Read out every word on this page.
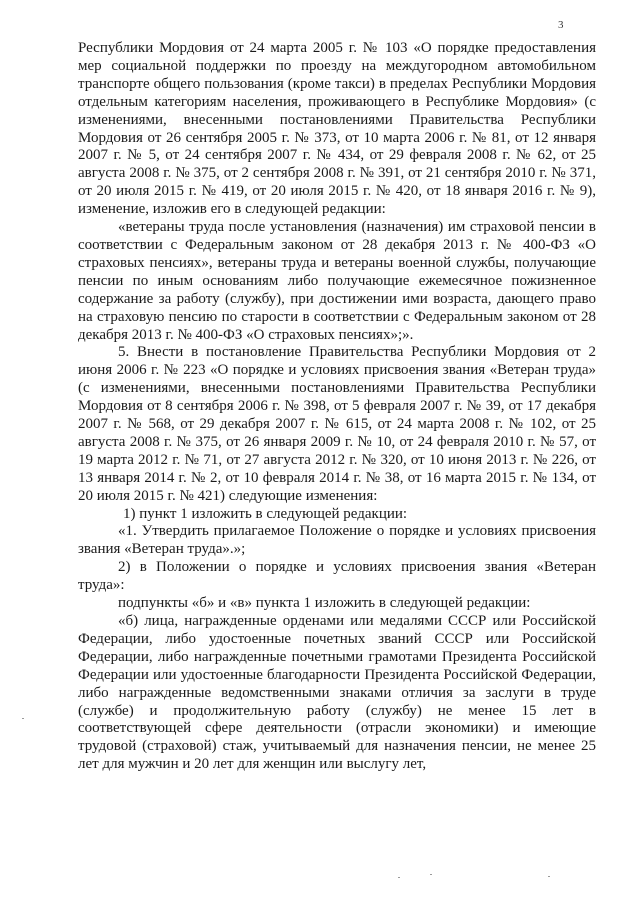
3

Республики Мордовия от 24 марта 2005 г. № 103 «О порядке предоставления мер социальной поддержки по проезду на междугородном автомобильном транспорте общего пользования (кроме такси) в пределах Республики Мордовия отдельным категориям населения, проживающего в Республике Мордовия» (с изменениями, внесенными постановлениями Правительства Республики Мордовия от 26 сентября 2005 г. № 373, от 10 марта 2006 г. № 81, от 12 января 2007 г. № 5, от 24 сентября 2007 г. № 434, от 29 февраля 2008 г. № 62, от 25 августа 2008 г. № 375, от 2 сентября 2008 г. № 391, от 21 сентября 2010 г. № 371, от 20 июля 2015 г. № 419, от 20 июля 2015 г. № 420, от 18 января 2016 г. № 9), изменение, изложив его в следующей редакции:

«ветераны труда после установления (назначения) им страховой пенсии в соответствии с Федеральным законом от 28 декабря 2013 г. № 400-ФЗ «О страховых пенсиях», ветераны труда и ветераны военной службы, получающие пенсии по иным основаниям либо получающие ежемесячное пожизненное содержание за работу (службу), при достижении ими возраста, дающего право на страховую пенсию по старости в соответствии с Федеральным законом от 28 декабря 2013 г. № 400-ФЗ «О страховых пенсиях»;».

5. Внести в постановление Правительства Республики Мордовия от 2 июня 2006 г. № 223 «О порядке и условиях присвоения звания «Ветеран труда» (с изменениями, внесенными постановлениями Правительства Республики Мордовия от 8 сентября 2006 г. № 398, от 5 февраля 2007 г. № 39, от 17 декабря 2007 г. № 568, от 29 декабря 2007 г. № 615, от 24 марта 2008 г. № 102, от 25 августа 2008 г. № 375, от 26 января 2009 г. № 10, от 24 февраля 2010 г. № 57, от 19 марта 2012 г. № 71, от 27 августа 2012 г. № 320, от 10 июня 2013 г. № 226, от 13 января 2014 г. № 2, от 10 февраля 2014 г. № 38, от 16 марта 2015 г. № 134, от 20 июля 2015 г. № 421) следующие изменения:

1) пункт 1 изложить в следующей редакции:

«1. Утвердить прилагаемое Положение о порядке и условиях присвоения звания «Ветеран труда».»;

2) в Положении о порядке и условиях присвоения звания «Ветеран труда»:

подпункты «б» и «в» пункта 1 изложить в следующей редакции:

«б) лица, награжденные орденами или медалями СССР или Российской Федерации, либо удостоенные почетных званий СССР или Российской Федерации, либо награжденные почетными грамотами Президента Российской Федерации или удостоенные благодарности Президента Российской Федерации, либо награжденные ведомственными знаками отличия за заслуги в труде (службе) и продолжительную работу (службу) не менее 15 лет в соответствующей сфере деятельности (отрасли экономики) и имеющие трудовой (страховой) стаж, учитываемый для назначения пенсии, не менее 25 лет для мужчин и 20 лет для женщин или выслугу лет,
